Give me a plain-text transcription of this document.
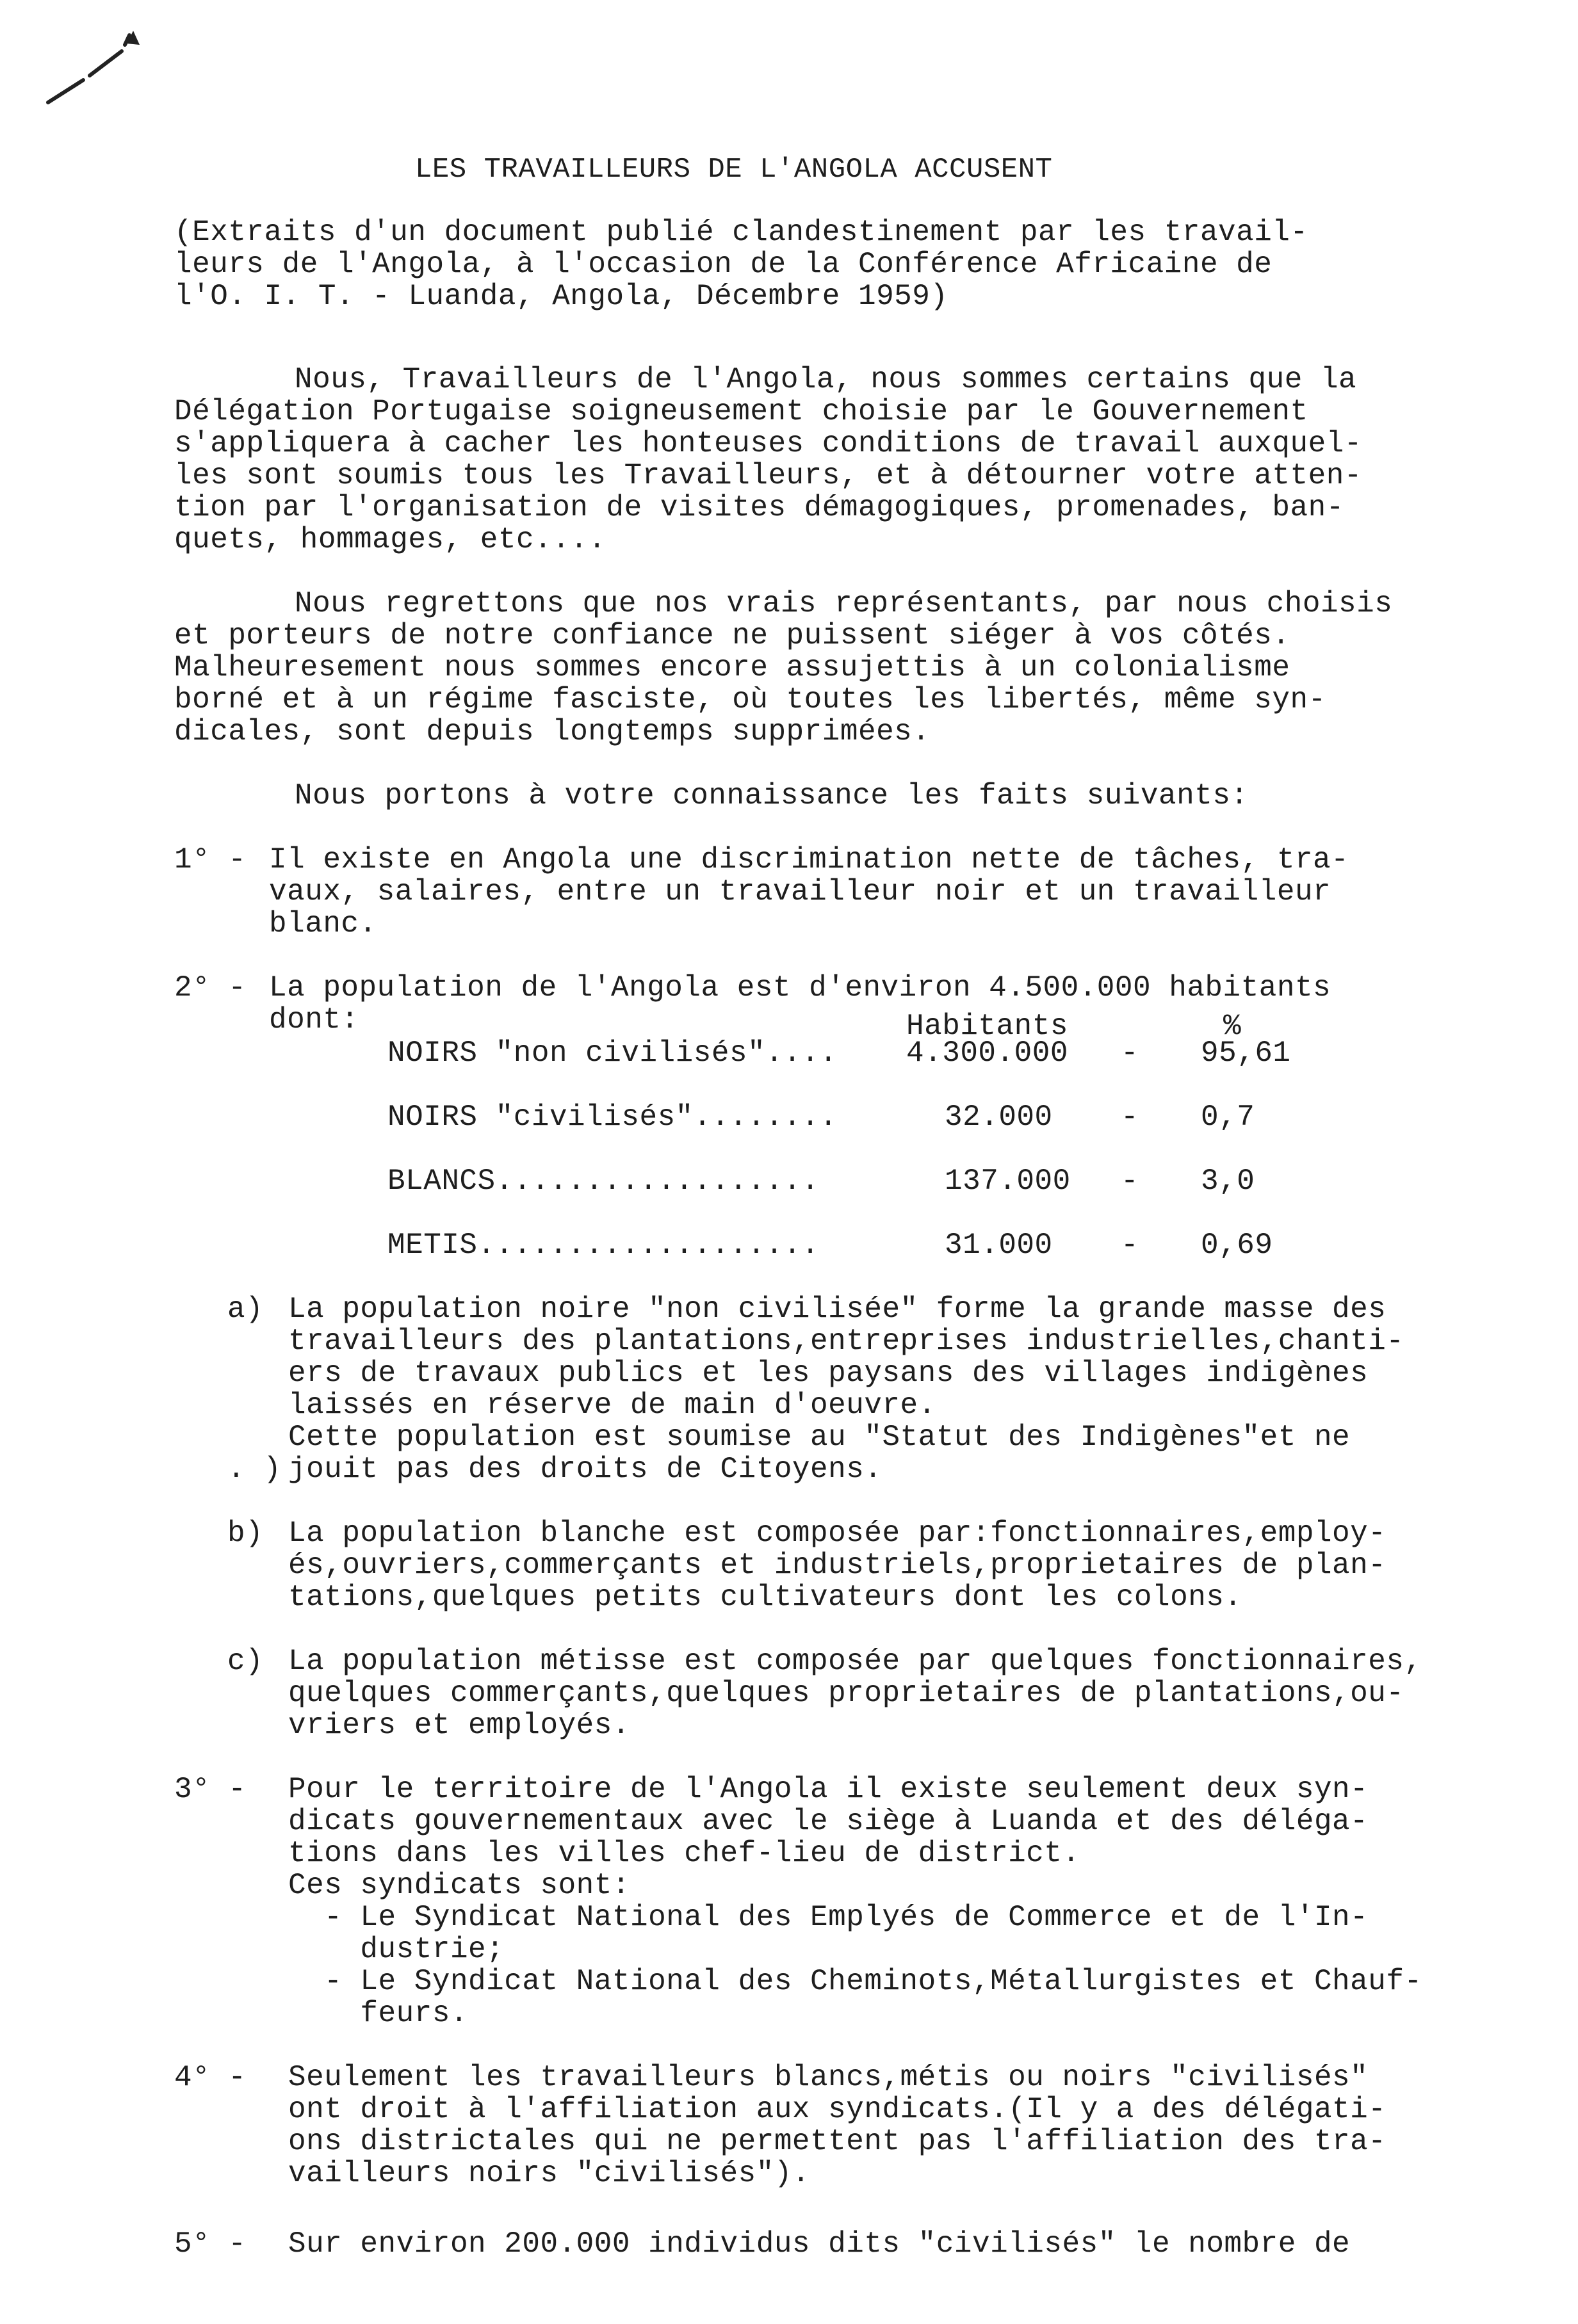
LES TRAVAILLEURS DE L'ANGOLA ACCUSENT
(Extraits d'un document publié clandestinement par les travail-
leurs de l'Angola, à l'occasion de la Conférence Africaine de
l'O. I. T. - Luanda, Angola, Décembre 1959)
Nous, Travailleurs de l'Angola, nous sommes certains que la
Délégation Portugaise soigneusement choisie par le Gouvernement
s'appliquera à cacher les honteuses conditions de travail auxquel-
les sont soumis tous les Travailleurs, et à détourner votre atten-
tion par l'organisation de visites démagogiques, promenades, ban-
quets, hommages, etc....
Nous regrettons que nos vrais représentants, par nous choisis
et porteurs de notre confiance ne puissent siéger à vos côtés.
Malheuresement nous sommes encore assujettis à un colonialisme
borné et à un régime fasciste, où toutes les libertés, même syn-
dicales, sont depuis longtemps supprimées.
Nous portons à votre connaissance les faits suivants:
1° - Il existe en Angola une discrimination nette de tâches, tra-
vaux, salaires, entre un travailleur noir et un travailleur
blanc.
2° - La population de l'Angola est d'environ 4.500.000 habitants
dont:	Habitants	%
NOIRS "non civilisés".... 4.300.000 - 95,61
NOIRS "civilisés"........	32.000 - 0,7
BLANCS..................	137.000 - 3,0
METIS...................	31.000 - 0,69
a) La population noire "non civilisée" forme la grande masse des
travailleurs des plantations,entreprises industrielles,chanti-
ers de travaux publics et les paysans des villages indigènes
laissés en réserve de main d'oeuvre.
Cette population est soumise au "Statut des Indigènes"et ne
. ) jouit pas des droits de Citoyens.
b) La population blanche est composée par:fonctionnaires,employ-
és,ouvriers,commerçants et industriels,proprietaires de plan-
tations,quelques petits cultivateurs dont les colons.
c) La population métisse est composée par quelques fonctionnaires,
quelques commerçants,quelques proprietaires de plantations,ou-
vriers et employés.
3° - Pour le territoire de l'Angola il existe seulement deux syn-
dicats gouvernementaux avec le siège à Luanda et des déléga-
tions dans les villes chef-lieu de district.
Ces syndicats sont:
- Le Syndicat National des Emplyés de Commerce et de l'In-
dustrie;
- Le Syndicat National des Cheminots,Métallurgistes et Chauf-
feurs.
4° - Seulement les travailleurs blancs,métis ou noirs "civilisés"
ont droit à l'affiliation aux syndicats.(Il y a des délégati-
ons districtales qui ne permettent pas l'affiliation des tra-
vailleurs noirs "civilisés").
5° - Sur environ 200.000 individus dits "civilisés" le nombre de
